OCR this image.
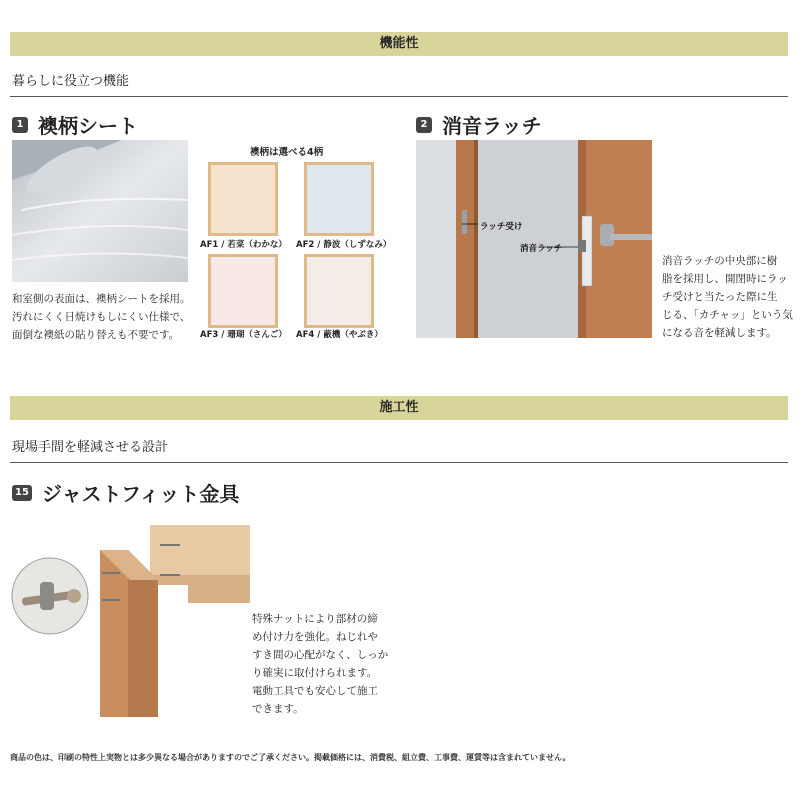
機能性
暮らしに役立つ機能
1 襖柄シート
和室側の表面は、襖柄シートを採用。
汚れにくく日焼けもしにくい仕様で、
面倒な襖紙の貼り替えも不要です。
襖柄は選べる4柄
AF1 / 若菜（わかな） AF2 / 静波（しずなみ）
AF3 / 珊瑚（さんご） AF4 / 蔽機（やぶき）
2 消音ラッチ
ラッチ受け
消音ラッチ
消音ラッチの中央部に樹
脂を採用し、開閉時にラッ
チ受けと当たった際に生
じる、「カチャッ」という気
になる音を軽減します。
施工性
現場手間を軽減させる設計
15 ジャストフィット金具
特殊ナットにより部材の締
め付け力を強化。ねじれや
すき間の心配がなく、しっか
り確実に取付けられます。
電動工具でも安心して施工
できます。
商品の色は、印刷の特性上実物とは多少異なる場合がありますのでご了承ください。掲載価格には、消費税、組立費、工事費、運賃等は含まれていません。
